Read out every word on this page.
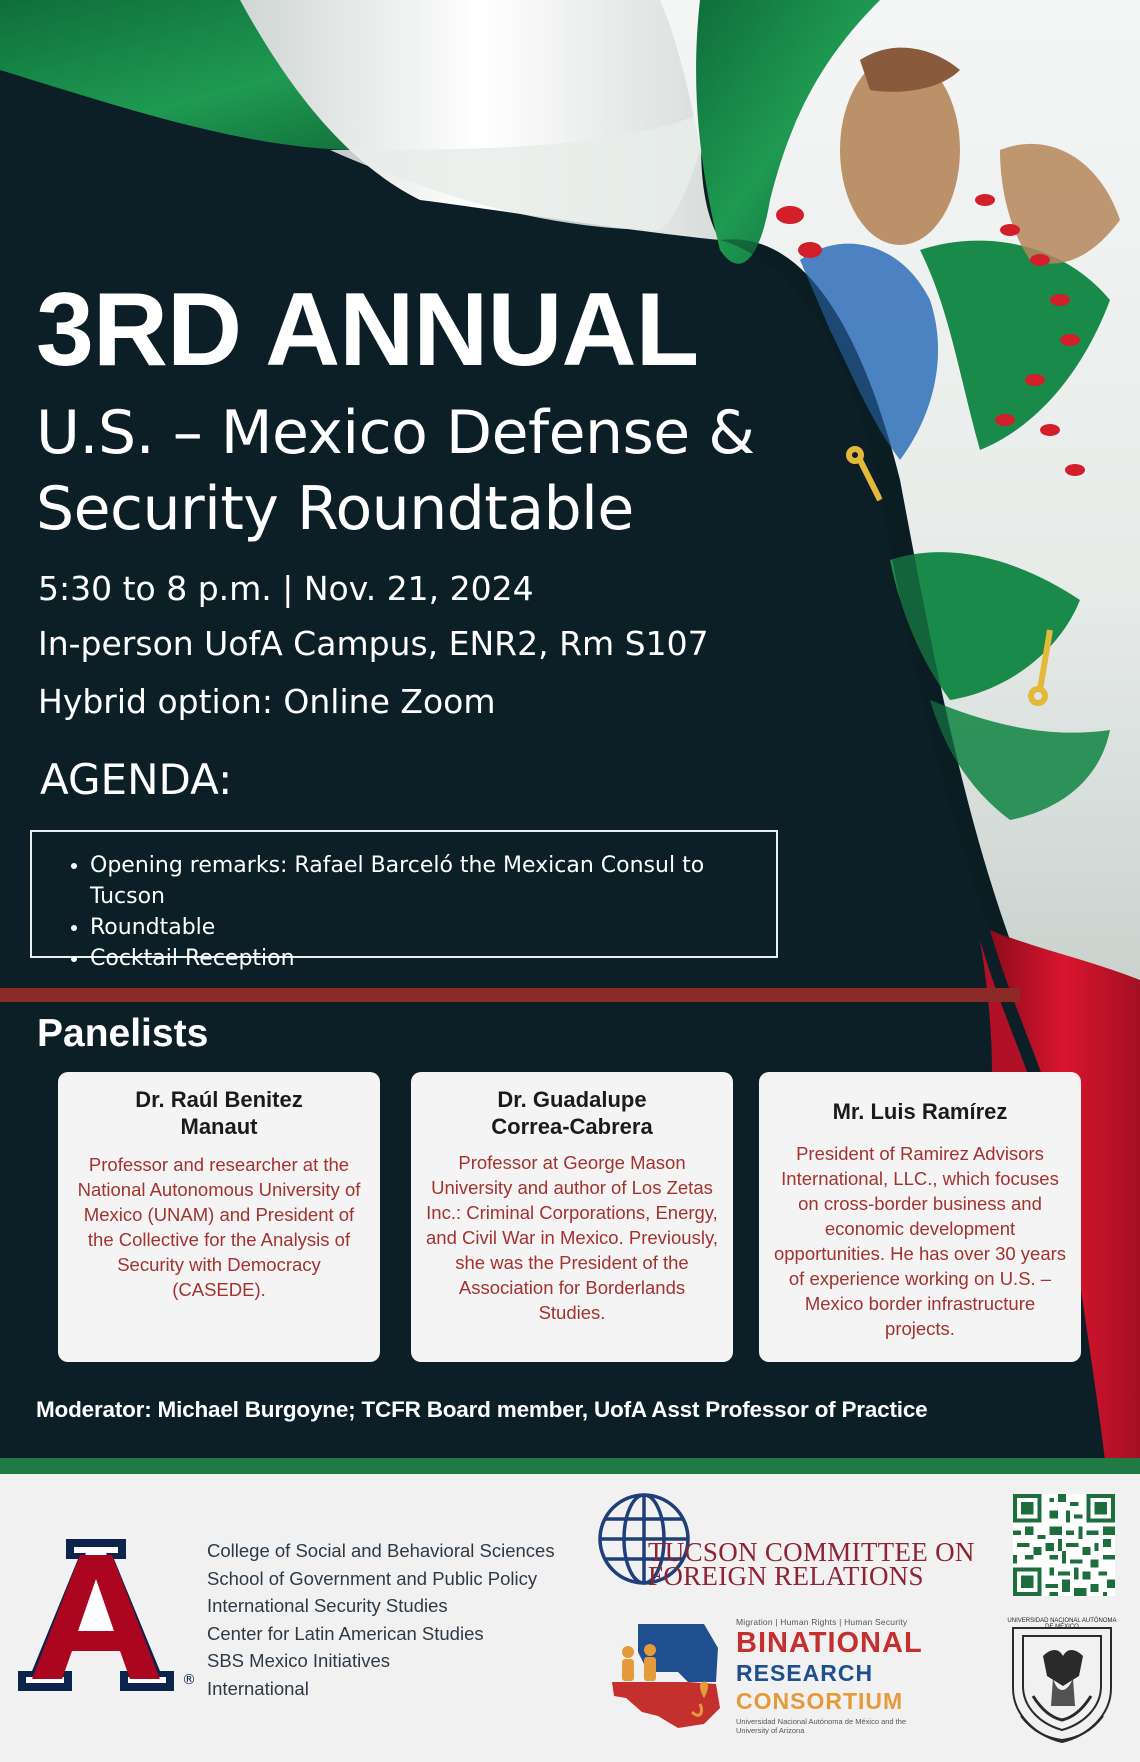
3RD ANNUAL
U.S. – Mexico Defense & Security Roundtable
5:30 to 8 p.m. | Nov. 21, 2024
In-person UofA Campus, ENR2, Rm S107
Hybrid option: Online Zoom
AGENDA:
• Opening remarks: Rafael Barceló the Mexican Consul to Tucson
• Roundtable
• Cocktail Reception
Panelists

Dr. Raúl Benitez Manaut

Professor and researcher at the National Autonomous University of Mexico (UNAM) and President of the Collective for the Analysis of Security with Democracy (CASEDE).

Dr. Guadalupe Correa-Cabrera

Professor at George Mason University and author of Los Zetas Inc.: Criminal Corporations, Energy, and Civil War in Mexico. Previously, she was the President of the Association for Borderlands Studies.

Mr. Luis Ramírez

President of Ramirez Advisors International, LLC., which focuses on cross-border business and economic development opportunities. He has over 30 years of experience working on U.S. – Mexico border infrastructure projects.

Moderator: Michael Burgoyne; TCFR Board member, UofA Asst Professor of Practice

®
College of Social and Behavioral Sciences
School of Government and Public Policy
International Security Studies
Center for Latin American Studies
SBS Mexico Initiatives
International
TUCSON COMMITTEE ON
FOREIGN RELATIONS
Migration | Human Rights | Human Security
BINATIONAL
RESEARCH
CONSORTIUM
Universidad Nacional Autónoma de México and the University of Arizona
UNIVERSIDAD NACIONAL AUTÓNOMA DE MÉXICO
